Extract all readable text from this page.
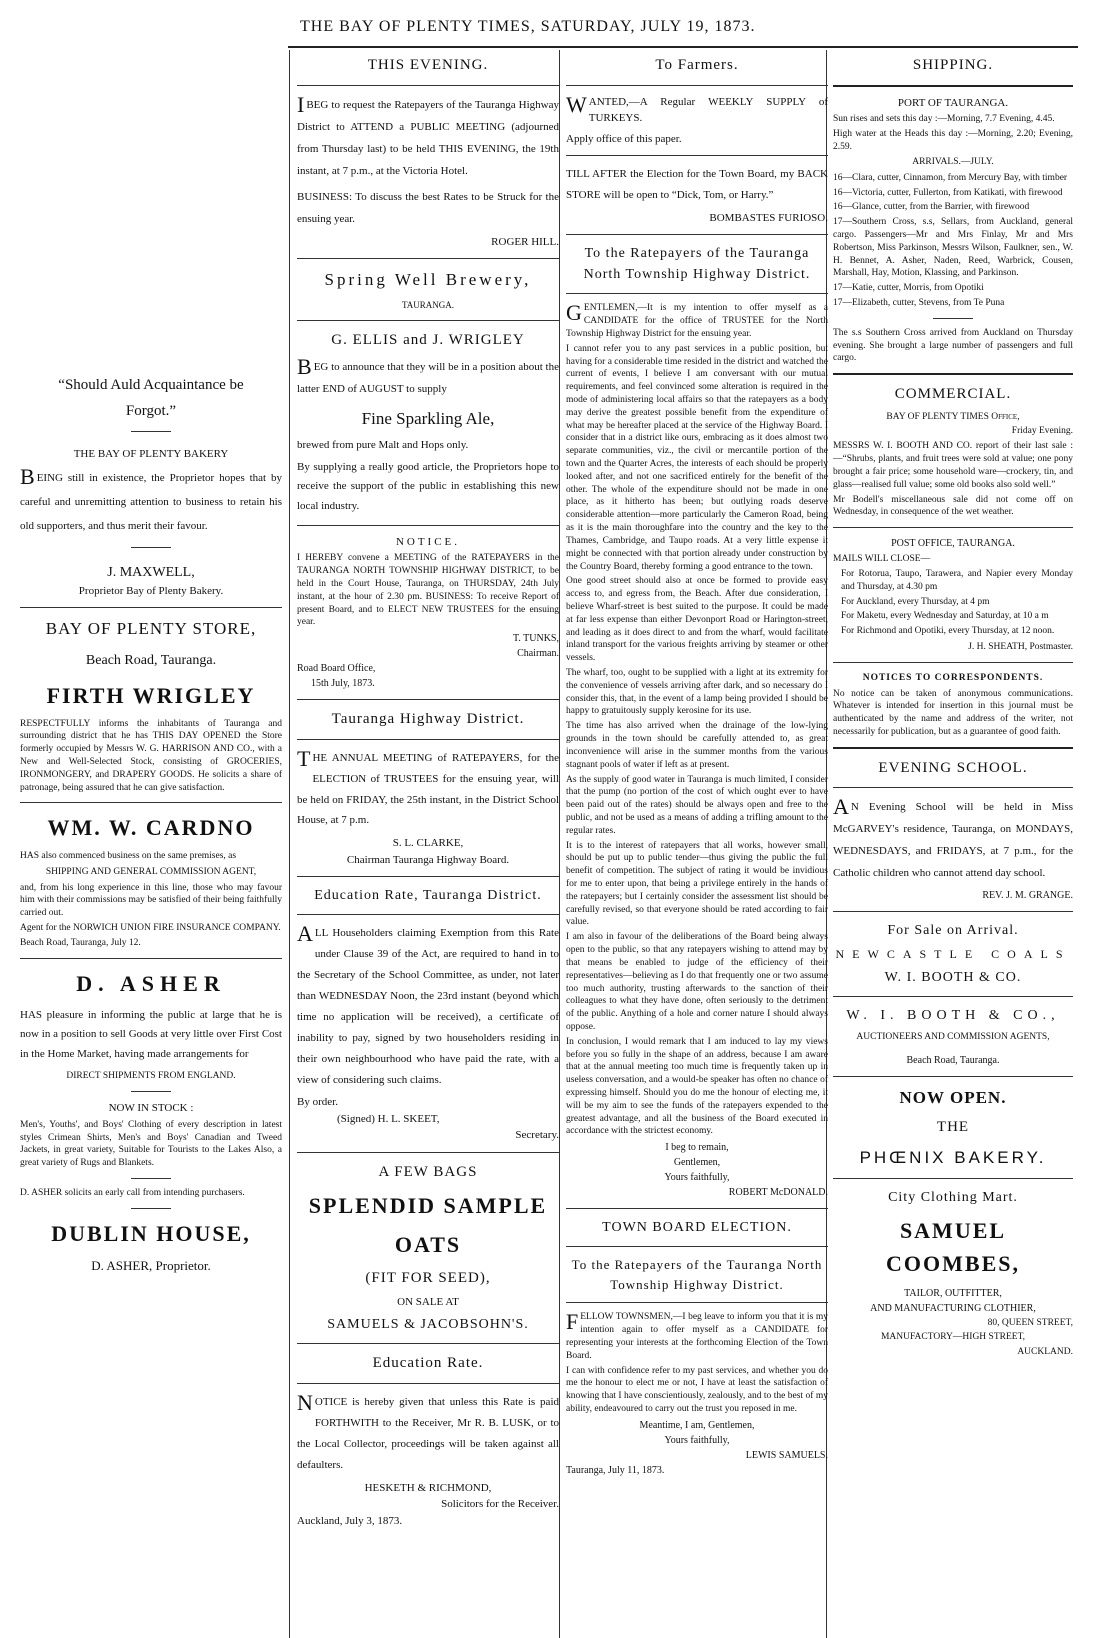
THE BAY OF PLENTY TIMES, SATURDAY, JULY 19, 1873.
“Should Auld Acquaintance be
Forgot.”
THE BAY OF PLENTY BAKERY
BEING still in existence, the Proprietor hopes that by careful and unremitting attention to business to retain his old supporters, and thus merit their favour.
J. MAXWELL,
Proprietor Bay of Plenty Bakery.
BAY OF PLENTY STORE,
Beach Road, Tauranga.
FIRTH WRIGLEY
RESPECTFULLY informs the inhabitants of Tauranga and surrounding district that he has THIS DAY OPENED the Store formerly occupied by Messrs W. G. HARRISON AND CO., with a New and Well-Selected Stock, consisting of GROCERIES, IRONMONGERY, and DRAPERY GOODS. He solicits a share of patronage, being assured that he can give satisfaction.
WM. W. CARDNO
HAS also commenced business on the same premises, as
SHIPPING AND GENERAL COMMISSION AGENT,
and, from his long experience in this line, those who may favour him with their commissions may be satisfied of their being faithfully carried out.
Agent for the NORWICH UNION FIRE INSURANCE COMPANY.
Beach Road, Tauranga, July 12.
D. ASHER
HAS pleasure in informing the public at large that he is now in a position to sell Goods at very little over First Cost in the Home Market, having made arrangements for
DIRECT SHIPMENTS FROM ENGLAND.
NOW IN STOCK :
Men's, Youths', and Boys' Clothing of every description in latest styles Crimean Shirts, Men's and Boys' Canadian and Tweed Jackets, in great variety, Suitable for Tourists to the Lakes Also, a great variety of Rugs and Blankets.
D. ASHER solicits an early call from intending purchasers.
DUBLIN HOUSE,
D. ASHER, Proprietor.
THIS EVENING.
IBEG to request the Ratepayers of the Tauranga Highway District to ATTEND a PUBLIC MEETING (adjourned from Thursday last) to be held THIS EVENING, the 19th instant, at 7 p.m., at the Victoria Hotel.
BUSINESS: To discuss the best Rates to be Struck for the ensuing year.
ROGER HILL.
Spring Well Brewery,
TAURANGA.
G. ELLIS and J. WRIGLEY
BEG to announce that they will be in a position about the latter END of AUGUST to supply
Fine Sparkling Ale,
brewed from pure Malt and Hops only.
By supplying a really good article, the Proprietors hope to receive the support of the public in establishing this new local industry.
NOTICE.
I HEREBY convene a MEETING of the RATEPAYERS in the TAURANGA NORTH TOWNSHIP HIGHWAY DISTRICT, to be held in the Court House, Tauranga, on THURSDAY, 24th July instant, at the hour of 2.30 pm. BUSINESS: To receive Report of present Board, and to ELECT NEW TRUSTEES for the ensuing year.
T. TUNKS,
Chairman.
Road Board Office,
15th July, 1873.
Tauranga Highway District.
THE ANNUAL MEETING of RATEPAYERS, for the ELECTION of TRUSTEES for the ensuing year, will be held on FRIDAY, the 25th instant, in the District School House, at 7 p.m.
S. L. CLARKE,
Chairman Tauranga Highway Board.
Education Rate, Tauranga District.
ALL Householders claiming Exemption from this Rate under Clause 39 of the Act, are required to hand in to the Secretary of the School Committee, as under, not later than WEDNESDAY Noon, the 23rd instant (beyond which time no application will be received), a certificate of inability to pay, signed by two householders residing in their own neighbourhood who have paid the rate, with a view of considering such claims.
By order.
(Signed) H. L. SKEET,
Secretary.
A FEW BAGS
SPLENDID SAMPLE
OATS
(FIT FOR SEED),
ON SALE AT
SAMUELS & JACOBSOHN'S.
Education Rate.
NOTICE is hereby given that unless this Rate is paid FORTHWITH to the Receiver, Mr R. B. LUSK, or to the Local Collector, proceedings will be taken against all defaulters.
HESKETH & RICHMOND,
Solicitors for the Receiver.
Auckland, July 3, 1873.
To Farmers.
WANTED,—A Regular WEEKLY SUPPLY of TURKEYS.
Apply office of this paper.
TILL AFTER the Election for the Town Board, my BACK STORE will be open to “Dick, Tom, or Harry.”
BOMBASTES FURIOSO.
To the Ratepayers of the Tauranga North Township Highway District.
GENTLEMEN,—It is my intention to offer myself as a CANDIDATE for the office of TRUSTEE for the North Township Highway District for the ensuing year.
I cannot refer you to any past services in a public position, but having for a considerable time resided in the district and watched the current of events, I believe I am conversant with our mutual requirements, and feel convinced some alteration is required in the mode of administering local affairs so that the ratepayers as a body may derive the greatest possible benefit from the expenditure of what may be hereafter placed at the service of the Highway Board. I consider that in a district like ours, embracing as it does almost two separate communities, viz., the civil or mercantile portion of the town and the Quarter Acres, the interests of each should be properly looked after, and not one sacrificed entirely for the benefit of the other. The whole of the expenditure should not be made in one place, as it hitherto has been; but outlying roads deserve considerable attention—more particularly the Cameron Road, being as it is the main thoroughfare into the country and the key to the Thames, Cambridge, and Taupo roads. At a very little expense it might be connected with that portion already under construction by the Country Board, thereby forming a good entrance to the town.
One good street should also at once be formed to provide easy access to, and egress from, the Beach. After due consideration, I believe Wharf-street is best suited to the purpose. It could be made at far less expense than either Devonport Road or Harington-street, and leading as it does direct to and from the wharf, would facilitate inland transport for the various freights arriving by steamer or other vessels.
The wharf, too, ought to be supplied with a light at its extremity for the convenience of vessels arriving after dark, and so necessary do I consider this, that, in the event of a lamp being provided I should be happy to gratuitously supply kerosine for its use.
The time has also arrived when the drainage of the low-lying grounds in the town should be carefully attended to, as great inconvenience will arise in the summer months from the various stagnant pools of water if left as at present.
As the supply of good water in Tauranga is much limited, I consider that the pump (no portion of the cost of which ought ever to have been paid out of the rates) should be always open and free to the public, and not be used as a means of adding a trifling amount to the regular rates.
It is to the interest of ratepayers that all works, however small, should be put up to public tender—thus giving the public the full benefit of competition. The subject of rating it would be invidious for me to enter upon, that being a privilege entirely in the hands of the ratepayers; but I certainly consider the assessment list should be carefully revised, so that everyone should be rated according to fair value.
I am also in favour of the deliberations of the Board being always open to the public, so that any ratepayers wishing to attend may by that means be enabled to judge of the efficiency of their representatives—believing as I do that frequently one or two assume too much authority, trusting afterwards to the sanction of their colleagues to what they have done, often seriously to the detriment of the public. Anything of a hole and corner nature I should always oppose.
In conclusion, I would remark that I am induced to lay my views before you so fully in the shape of an address, because I am aware that at the annual meeting too much time is frequently taken up in useless conversation, and a would-be speaker has often no chance of expressing himself. Should you do me the honour of electing me, it will be my aim to see the funds of the ratepayers expended to the greatest advantage, and all the business of the Board executed in accordance with the strictest economy.
I beg to remain,
Gentlemen,
Yours faithfully,
ROBERT McDONALD.
TOWN BOARD ELECTION.
To the Ratepayers of the Tauranga North Township Highway District.
FELLOW TOWNSMEN,—I beg leave to inform you that it is my intention again to offer myself as a CANDIDATE for representing your interests at the forthcoming Election of the Town Board.
I can with confidence refer to my past services, and whether you do me the honour to elect me or not, I have at least the satisfaction of knowing that I have conscientiously, zealously, and to the best of my ability, endeavoured to carry out the trust you reposed in me.
Meantime, I am, Gentlemen,
Yours faithfully,
LEWIS SAMUELS.
Tauranga, July 11, 1873.
SHIPPING.
PORT OF TAURANGA.
Sun rises and sets this day :—Morning, 7.7 Evening, 4.45.
High water at the Heads this day :—Morning, 2.20; Evening, 2.59.
ARRIVALS.—JULY.
16—Clara, cutter, Cinnamon, from Mercury Bay, with timber
16—Victoria, cutter, Fullerton, from Katikati, with firewood
16—Glance, cutter, from the Barrier, with firewood
17—Southern Cross, s.s, Sellars, from Auckland, general cargo. Passengers—Mr and Mrs Finlay, Mr and Mrs Robertson, Miss Parkinson, Messrs Wilson, Faulkner, sen., W. H. Bennet, A. Asher, Naden, Reed, Warbrick, Cousen, Marshall, Hay, Motion, Klassing, and Parkinson.
17—Katie, cutter, Morris, from Opotiki
17—Elizabeth, cutter, Stevens, from Te Puna
The s.s Southern Cross arrived from Auckland on Thursday evening. She brought a large number of passengers and full cargo.
COMMERCIAL.
BAY OF PLENTY TIMES Office,
Friday Evening.
MESSRS W. I. BOOTH AND CO. report of their last sale :—“Shrubs, plants, and fruit trees were sold at value; one pony brought a fair price; some household ware—crockery, tin, and glass—realised full value; some old books also sold well.”
Mr Bodell's miscellaneous sale did not come off on Wednesday, in consequence of the wet weather.
POST OFFICE, TAURANGA.
MAILS WILL CLOSE—
For Rotorua, Taupo, Tarawera, and Napier every Monday and Thursday, at 4.30 pm
For Auckland, every Thursday, at 4 pm
For Maketu, every Wednesday and Saturday, at 10 a m
For Richmond and Opotiki, every Thursday, at 12 noon.
J. H. SHEATH, Postmaster.
NOTICES TO CORRESPONDENTS.
No notice can be taken of anonymous communications. Whatever is intended for insertion in this journal must be authenticated by the name and address of the writer, not necessarily for publication, but as a guarantee of good faith.
EVENING SCHOOL.
AN Evening School will be held in Miss McGARVEY's residence, Tauranga, on MONDAYS, WEDNESDAYS, and FRIDAYS, at 7 p.m., for the Catholic children who cannot attend day school.
REV. J. M. GRANGE.
For Sale on Arrival.
NEWCASTLE COALS
W. I. BOOTH & CO.
W. I. BOOTH & CO.,
AUCTIONEERS AND COMMISSION AGENTS,
Beach Road, Tauranga.
NOW OPEN.
THE
PHŒNIX BAKERY.
City Clothing Mart.
SAMUEL COOMBES,
TAILOR, OUTFITTER,
AND MANUFACTURING CLOTHIER,
80, QUEEN STREET,
MANUFACTORY—HIGH STREET,
AUCKLAND.
